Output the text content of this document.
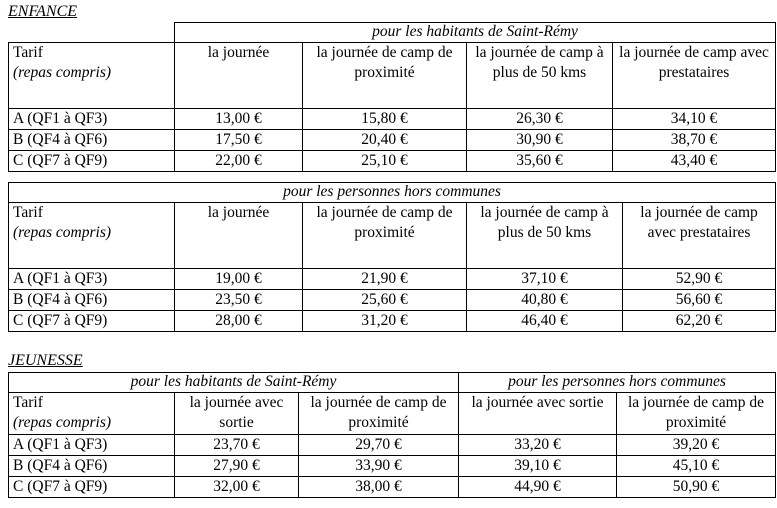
ENFANCE
	pour les habitants de Saint-Rémy			

Tarif
(repas compris)	la journée	la journée de camp de proximité	la journée de camp à plus de 50 kms	la journée de camp avec prestataires
A (QF1 à QF3)	13,00 €	15,80 €	26,30 €	34,10 €
B (QF4 à QF6)	17,50 €	20,40 €	30,90 €	38,70 €
C (QF7 à QF9)	22,00 €	25,10 €	35,60 €	43,40 €
pour les personnes hors communes				

Tarif
(repas compris)	la journée	la journée de camp de proximité	la journée de camp à plus de 50 kms	la journée de camp avec prestataires
A (QF1 à QF3)	19,00 €	21,90 €	37,10 €	52,90 €
B (QF4 à QF6)	23,50 €	25,60 €	40,80 €	56,60 €
C (QF7 à QF9)	28,00 €	31,20 €	46,40 €	62,20 €
JEUNESSE
pour les habitants de Saint-Rémy			pour les personnes hors communes	

Tarif
(repas compris)	la journée avec sortie	la journée de camp de proximité	la journée avec sortie	la journée de camp de proximité
A (QF1 à QF3)	23,70 €	29,70 €	33,20 €	39,20 €
B (QF4 à QF6)	27,90 €	33,90 €	39,10 €	45,10 €
C (QF7 à QF9)	32,00 €	38,00 €	44,90 €	50,90 €
